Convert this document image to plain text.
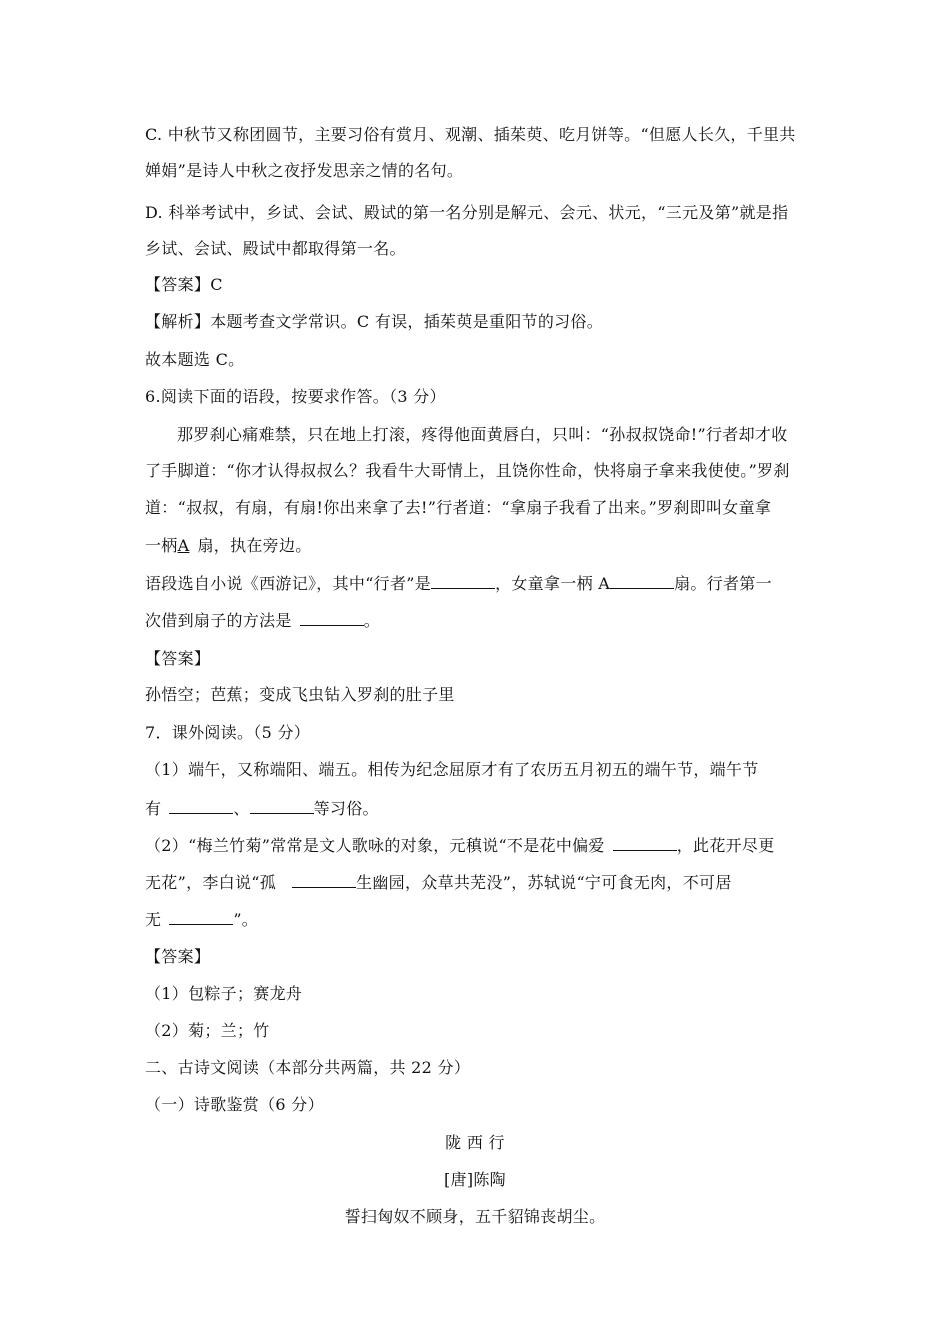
C. 中秋节又称团圆节，主要习俗有赏月、观潮、插茱萸、吃月饼等。“但愿人长久，千里共
婵娟”是诗人中秋之夜抒发思亲之情的名句。
D. 科举考试中，乡试、会试、殿试的第一名分别是解元、会元、状元，“三元及第”就是指
乡试、会试、殿试中都取得第一名。
【答案】C
【解析】本题考查文学常识。C 有误，插茱萸是重阳节的习俗。
故本题选 C。
6.阅读下面的语段，按要求作答。（3 分）
那罗刹心痛难禁，只在地上打滚，疼得他面黄唇白，只叫：“孙叔叔饶命!”行者却才收
了手脚道：“你才认得叔叔么？我看牛大哥情上，且饶你性命，快将扇子拿来我使使。”罗刹
道：“叔叔，有扇，有扇!你出来拿了去!”行者道：“拿扇子我看了出来。”罗刹即叫女童拿
一柄A 扇，执在旁边。
语段选自小说《西游记》，其中“行者”是	，女童拿一柄 A	扇。行者第一
次借到扇子的方法是	。
【答案】
孙悟空；芭蕉；变成飞虫钻入罗刹的肚子里
7．课外阅读。（5 分）
（1）端午，又称端阳、端五。相传为纪念屈原才有了农历五月初五的端午节，端午节
有	、	等习俗。
（2）“梅兰竹菊”常常是文人歌咏的对象，元稹说“不是花中偏爱	，此花开尽更
无花”，李白说“孤	生幽园，众草共芜没”，苏轼说“宁可食无肉，不可居
无	”。
【答案】
（1）包粽子；赛龙舟
（2）菊；兰；竹
二、古诗文阅读（本部分共两篇，共 22 分）
（一）诗歌鉴赏（6 分）
陇 西 行
[唐]陈陶
誓扫匈奴不顾身，五千貂锦丧胡尘。
